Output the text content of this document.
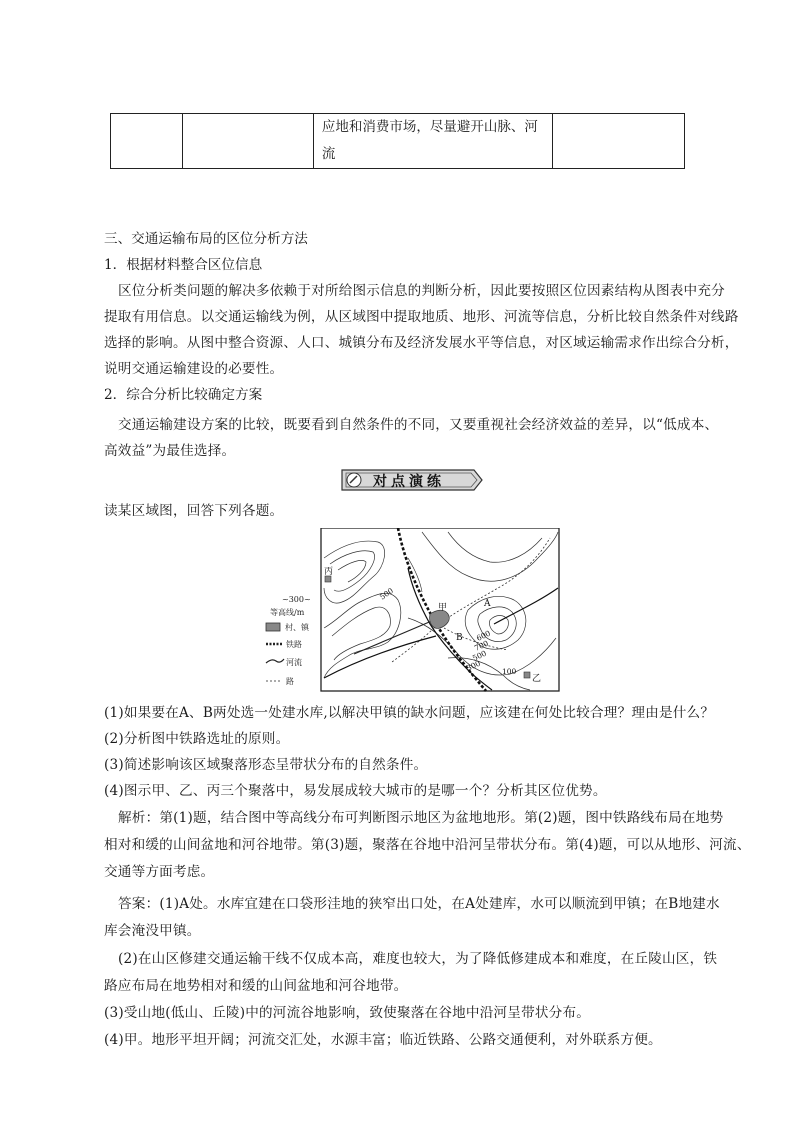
应地和消费市场，尽量避开山脉、河
流

三、交通运输布局的区位分析方法
1．根据材料整合区位信息
区位分析类问题的解决多依赖于对所给图示信息的判断分析，因此要按照区位因素结构从图表中充分
提取有用信息。以交通运输线为例，从区域图中提取地质、地形、河流等信息，分析比较自然条件对线路
选择的影响。从图中整合资源、人口、城镇分布及经济发展水平等信息，对区域运输需求作出综合分析，
说明交通运输建设的必要性。
2．综合分析比较确定方案
交通运输建设方案的比较，既要看到自然条件的不同，又要重视社会经济效益的差异，以“低成本、
高效益”为最佳选择。
对点演练
读某区域图，回答下列各题。
~300~
等高线/m
村、镇
铁路
河流
路
丙
甲
乙
A
B
500
600
700
500
300	100
(1)如果要在A、B两处选一处建水库,以解决甲镇的缺水问题，应该建在何处比较合理？理由是什么？
(2)分析图中铁路选址的原则。
(3)简述影响该区域聚落形态呈带状分布的自然条件。
(4)图示甲、乙、丙三个聚落中，易发展成较大城市的是哪一个？分析其区位优势。
解析：第(1)题，结合图中等高线分布可判断图示地区为盆地地形。第(2)题，图中铁路线布局在地势
相对和缓的山间盆地和河谷地带。第(3)题，聚落在谷地中沿河呈带状分布。第(4)题，可以从地形、河流、
交通等方面考虑。
答案：(1)A处。水库宜建在口袋形洼地的狭窄出口处，在A处建库，水可以顺流到甲镇；在B地建水
库会淹没甲镇。
(2)在山区修建交通运输干线不仅成本高，难度也较大，为了降低修建成本和难度，在丘陵山区，铁
路应布局在地势相对和缓的山间盆地和河谷地带。
(3)受山地(低山、丘陵)中的河流谷地影响，致使聚落在谷地中沿河呈带状分布。
(4)甲。地形平坦开阔；河流交汇处，水源丰富；临近铁路、公路交通便利，对外联系方便。
